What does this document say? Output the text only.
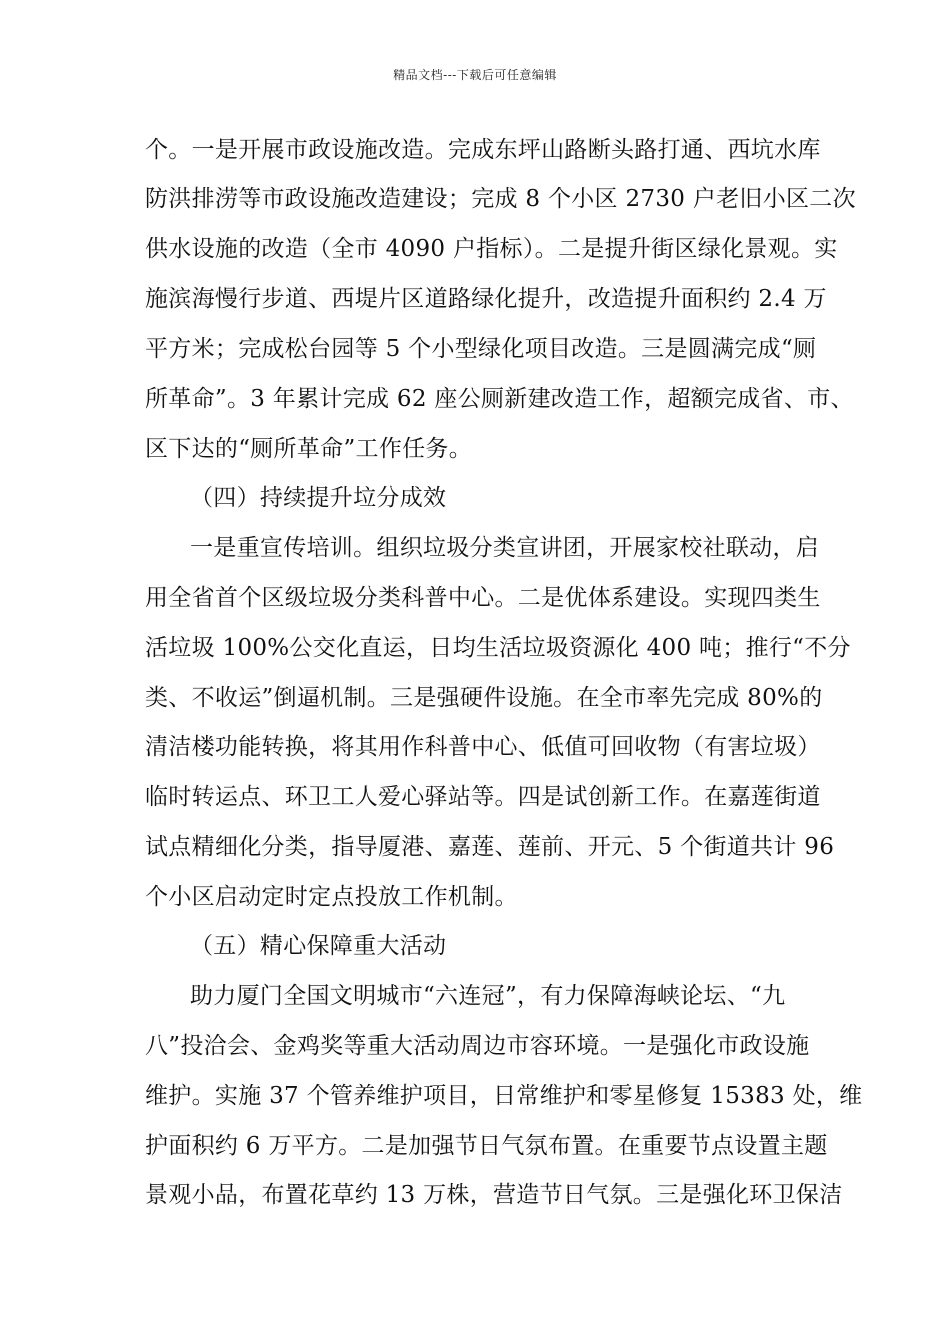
精品文档---下载后可任意编辑
个。一是开展市政设施改造。完成东坪山路断头路打通、西坑水库
防洪排涝等市政设施改造建设；完成 8 个小区 2730 户老旧小区二次
供水设施的改造（全市 4090 户指标）。二是提升街区绿化景观。实
施滨海慢行步道、西堤片区道路绿化提升，改造提升面积约 2.4 万
平方米；完成松台园等 5 个小型绿化项目改造。三是圆满完成“厕
所革命”。3 年累计完成 62 座公厕新建改造工作，超额完成省、市、
区下达的“厕所革命”工作任务。
（四）持续提升垃分成效
一是重宣传培训。组织垃圾分类宣讲团，开展家校社联动，启
用全省首个区级垃圾分类科普中心。二是优体系建设。实现四类生
活垃圾 100%公交化直运，日均生活垃圾资源化 400 吨；推行“不分
类、不收运”倒逼机制。三是强硬件设施。在全市率先完成 80%的
清洁楼功能转换，将其用作科普中心、低值可回收物（有害垃圾）
临时转运点、环卫工人爱心驿站等。四是试创新工作。在嘉莲街道
试点精细化分类，指导厦港、嘉莲、莲前、开元、5 个街道共计 96
个小区启动定时定点投放工作机制。
（五）精心保障重大活动
助力厦门全国文明城市“六连冠”，有力保障海峡论坛、“九
八”投洽会、金鸡奖等重大活动周边市容环境。一是强化市政设施
维护。实施 37 个管养维护项目，日常维护和零星修复 15383 处，维
护面积约 6 万平方。二是加强节日气氛布置。在重要节点设置主题
景观小品，布置花草约 13 万株，营造节日气氛。三是强化环卫保洁
